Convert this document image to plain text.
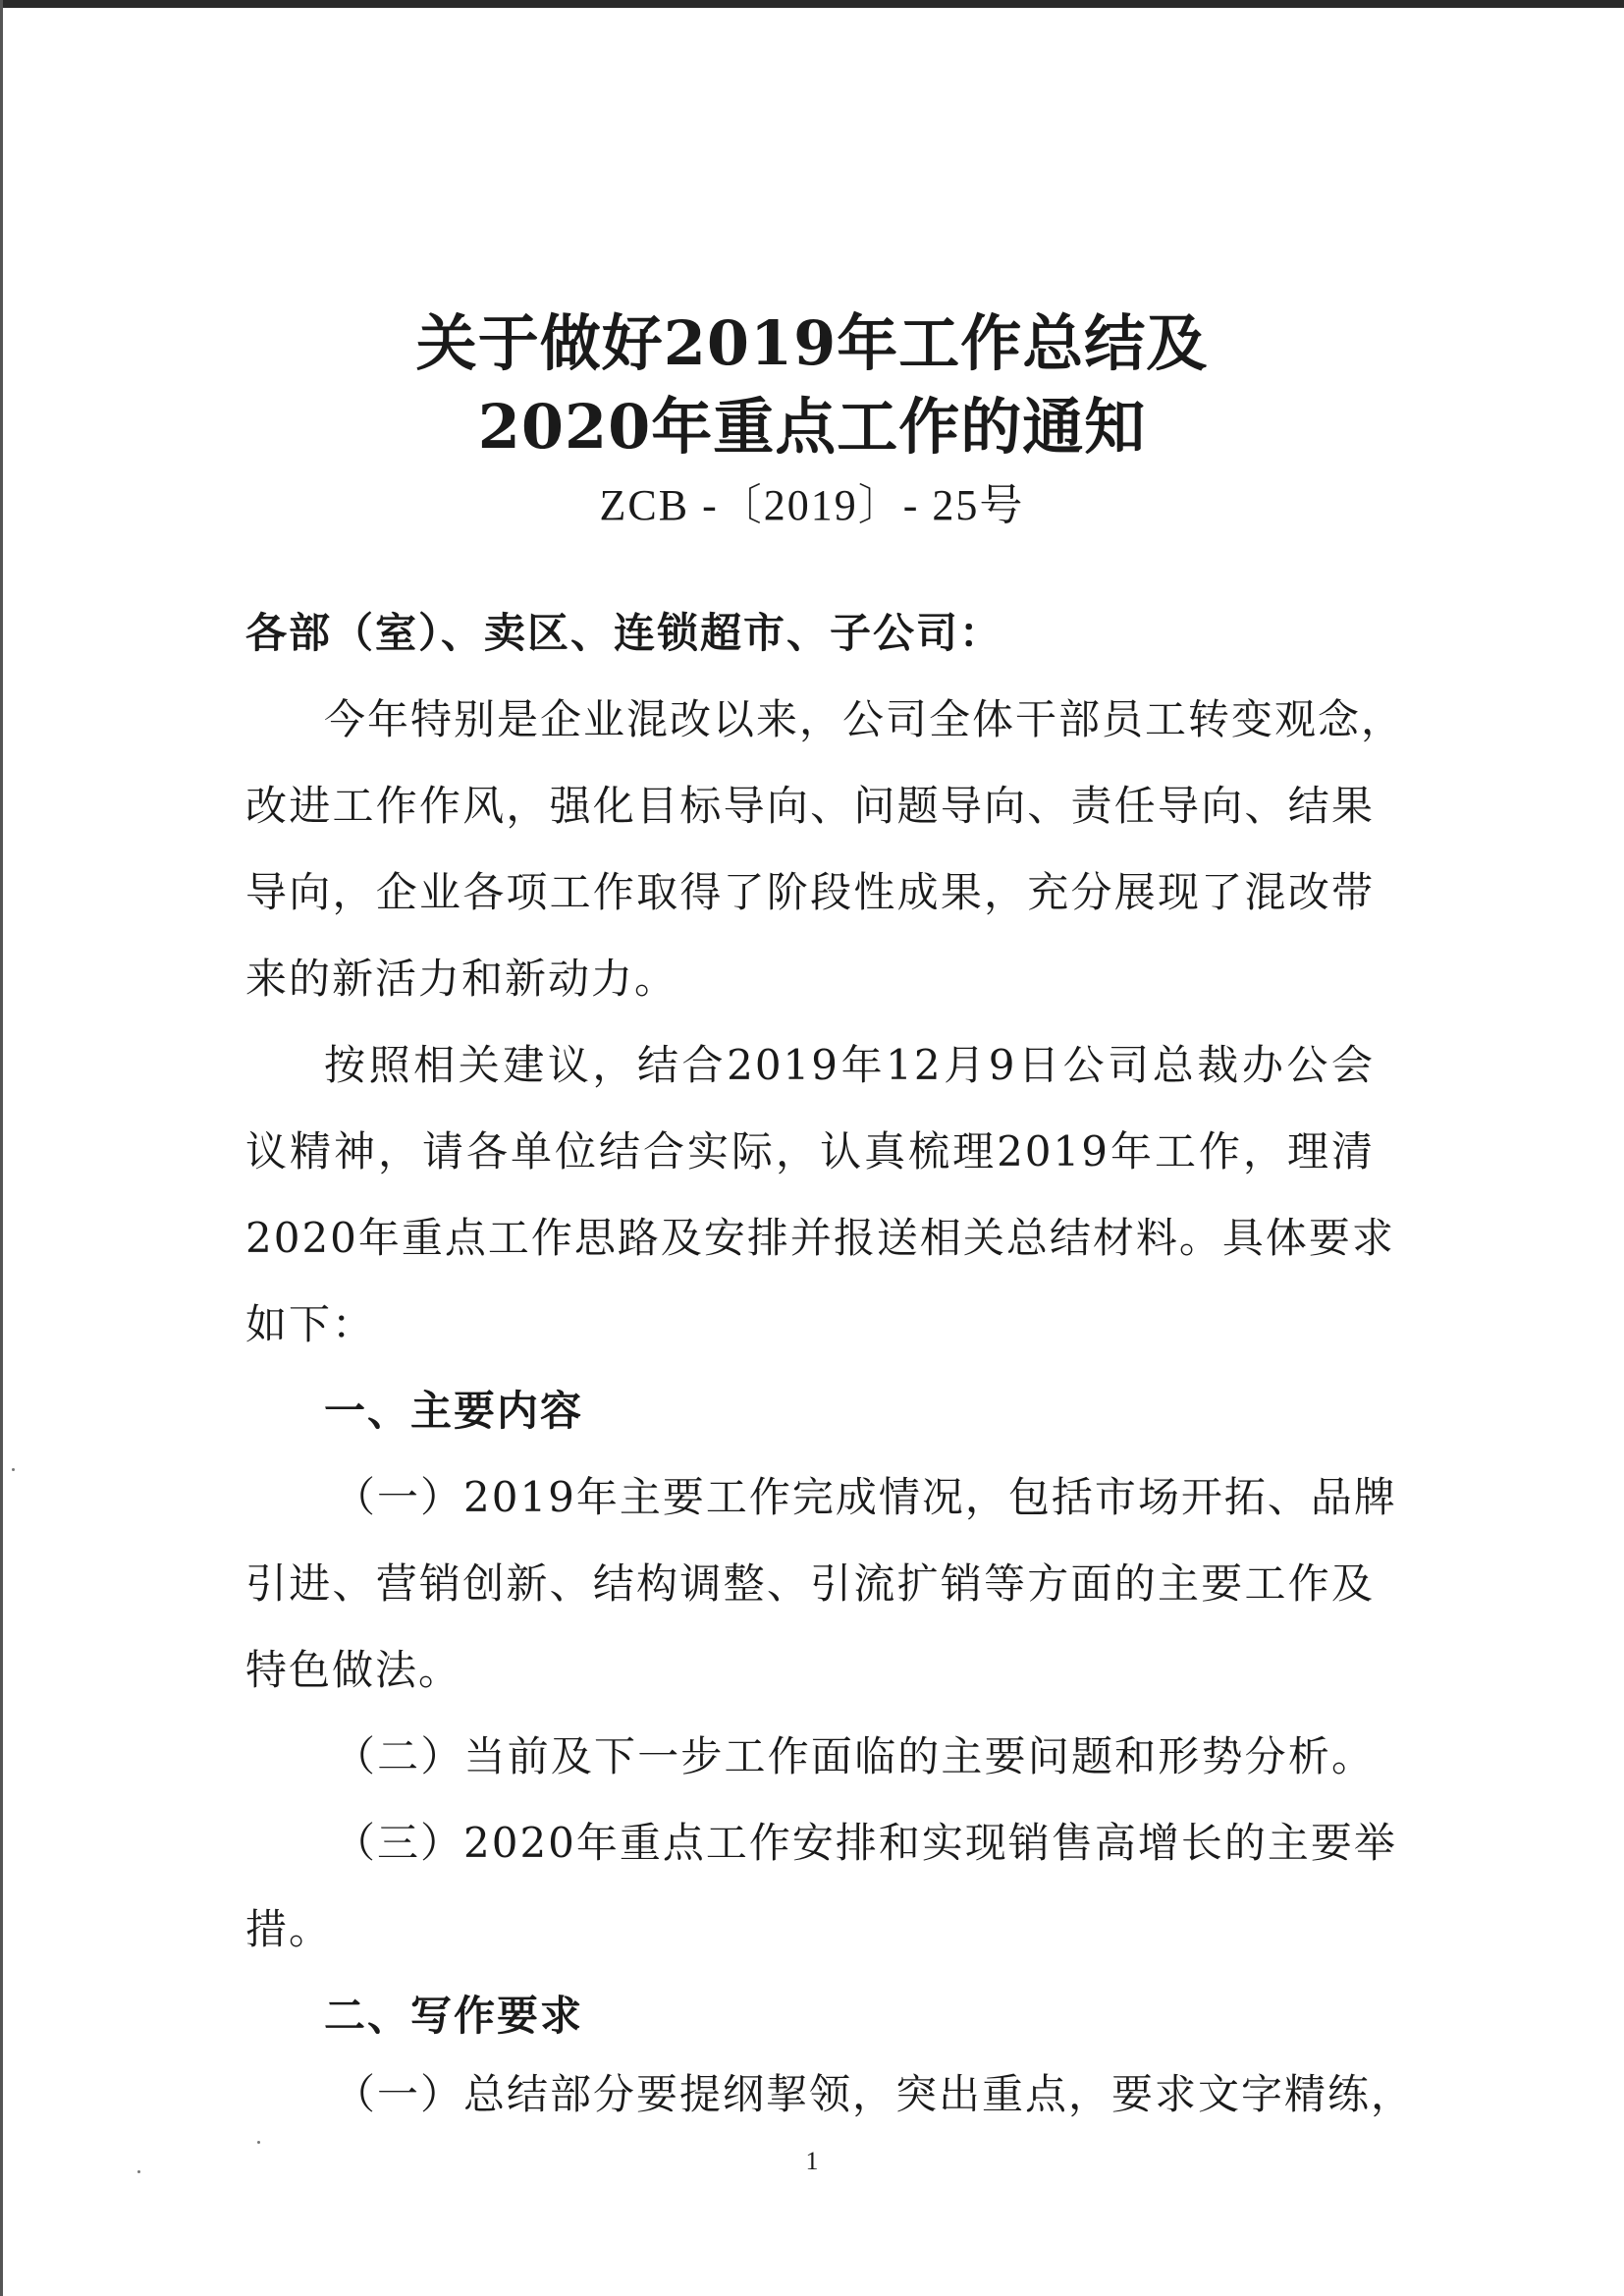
关于做好2019年工作总结及
2020年重点工作的通知
ZCB -〔2019〕- 25号
各部（室）、卖区、连锁超市、子公司：
今年特别是企业混改以来，公司全体干部员工转变观念，
改进工作作风，强化目标导向、问题导向、责任导向、结果
导向，企业各项工作取得了阶段性成果，充分展现了混改带
来的新活力和新动力。
按照相关建议，结合2019年12月9日公司总裁办公会
议精神，请各单位结合实际，认真梳理2019年工作，理清
2020年重点工作思路及安排并报送相关总结材料。具体要求
如下：
一、主要内容
（一）2019年主要工作完成情况，包括市场开拓、品牌
引进、营销创新、结构调整、引流扩销等方面的主要工作及
特色做法。
（二）当前及下一步工作面临的主要问题和形势分析。
（三）2020年重点工作安排和实现销售高增长的主要举
措。
二、写作要求
（一）总结部分要提纲挈领，突出重点，要求文字精练，
1
